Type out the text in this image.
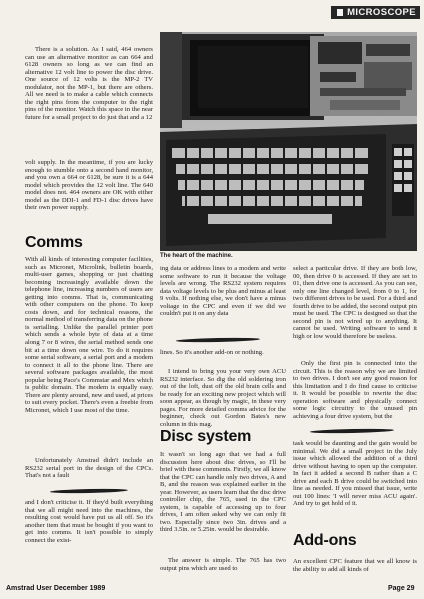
MICROSCOPE

There is a solution. As I said, 464 owners can use an alternative monitor as can 664 and 6128 owners so long as we can find an alternative 12 volt line to power the disc drive. One source of 12 volts is the MP-2 TV modulator, not the MP-1, but there are others. All we need is to make a cable which connects the right pins from the computer to the right pins of the monitor. Watch this space in the near future for a small project to do just that and a 12

volt supply. In the meantime, if you are lucky enough to stumble onto a second hand monitor, and you own a 664 or 6128, be sure it is a 644 model which provides the 12 volt line. The 640 model does not. 464 owners are OK with either model as the DDI-1 and FD-1 disc drives have their own power supply.

Comms

With all kinds of interesting computer facilities, such as Micronet, Microlink, bulletin boards, multi-user games, shopping or just chatting becoming increasingly available down the telephone line, increasing numbers of users are getting into comms. That is, communicating with other computers on the phone. To keep costs down, and for technical reasons, the normal method of transferring data on the phone is serialling. Unlike the parallel printer port which sends a whole byte of data at a time along 7 or 8 wires, the serial method sends one bit at a time down one wire. To do it requires some serial software, a serial port and a modem to connect it all to the phone line. There are several software packages available, the most popular being Pace's Commstar and Mex which is public domain. The modem is equally easy. There are plenty around, new and used, at prices to suit every pocket. There's even a freebie from Micronet, which I use most of the time.

Unfortunately Amstrad didn't include an RS232 serial port in the design of the CPCs. That's not a fault

and I don't criticise it. If they'd built everything that we all might need into the machines, the resulting cost would have put us all off. So it's another item that must be bought if you want to get into comms. It isn't possible to simply connect the exist-

The heart of the machine.

ing data or address lines to a modem and write some software to run it because the voltage levels are wrong. The RS232 system requires data voltage levels to be plus and minus at least 9 volts. If nothing else, we don't have a minus voltage in the CPC and even if we did we couldn't put it on any data

lines. So it's another add-on or nothing.

I intend to bring you your very own ACU RS232 interface. So dig the old soldering iron out of the loft, dust off the old brain cells and be ready for an exciting new project which will soon appear, as though by magic, in these very pages. For more detailed comms advice for the beginner, check out Gordon Bates's new column in this mag.

Disc system

It wasn't so long ago that we had a full discussion here about disc drives, so I'll be brief with these comments. Firstly, we all know that the CPC can handle only two drives, A and B, and the reason was explained earlier in the year. However, as users learn that the disc drive controller chip, the 765, used in the CPC system, is capable of accessing up to four drives, I am often asked why we can only fit two. Especially since two 3in. drives and a third 3.5in. or 5.25in. would be desirable.

The answer is simple. The 765 has two output pins which are used to

select a particular drive. If they are both low, 00, then drive 0 is accessed. If they are set to 01, then drive one is accessed. As you can see, only one line changed level, from 0 to 1, for two different drives to be used. For a third and fourth drive to be added, the second output pin must be used. The CPC is designed so that the second pin is not wired up to anything. It cannot be used. Writing software to send it high or low would therefore be useless.

Only the first pin is connected into the circuit. This is the reason why we are limited to two drives. I don't see any good reason for this limitation and I do find cause to criticise it. It would be possible to rewrite the disc operation software and physically connect some logic circuitry to the unused pin achieving a four drive system, but the

task would be daunting and the gain would be minimal. We did a small project in the July issue which allowed the addition of a third drive without having to open up the computer. In fact it added a second B rather than a C drive and each B drive could be switched into line as needed. If you missed that issue, write out 100 lines: 'I will never miss ACU again'. And try to get hold of it.

Add-ons

An excellent CPC feature that we all know is the ability to add all kinds of

Amstrad User December 1989	Page 29
